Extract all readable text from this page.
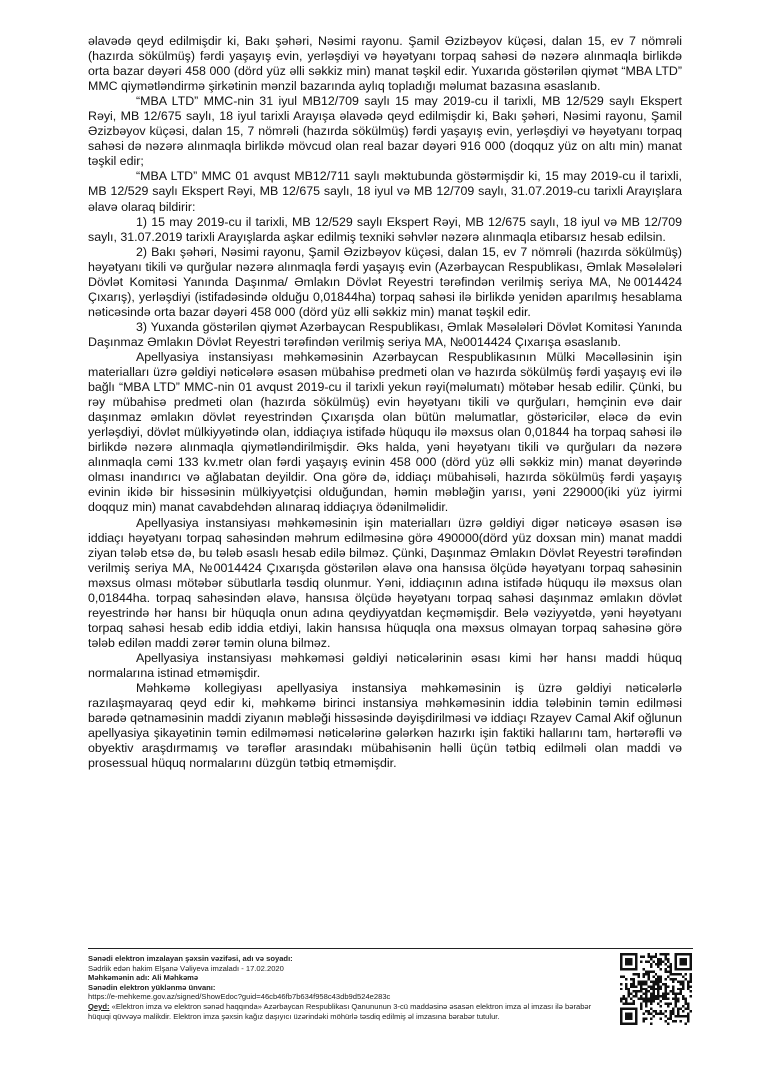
əlavədə qeyd edilmişdir ki, Bakı şəhəri, Nəsimi rayonu. Şamil Əzizbəyov küçəsi, dalan 15, ev 7 nömrəli (hazırda sökülmüş) fərdi yaşayış evin, yerləşdiyi və həyətyanı torpaq sahəsi də nəzərə alınmaqla birlikdə orta bazar dəyəri 458 000 (dörd yüz əlli səkkiz min) manat təşkil edir. Yuxarıda göstərilən qiymət “MBA LTD” MMC qiymətləndirmə şirkətinin mənzil bazarında aylıq topladığı məlumat bazasına əsaslanıb.

“MBA LTD” MMC-nin 31 iyul MB12/709 saylı 15 may 2019-cu il tarixli, MB 12/529 saylı Ekspert Rəyi, MB 12/675 saylı, 18 iyul tarixli Arayışa əlavədə qeyd edilmişdir ki, Bakı şəhəri, Nəsimi rayonu, Şamil Əzizbəyov küçəsi, dalan 15, 7 nömrəli (hazırda sökülmüş) fərdi yaşayış evin, yerləşdiyi və həyətyanı torpaq sahəsi də nəzərə alınmaqla birlikdə mövcud olan real bazar dəyəri 916 000 (doqquz yüz on altı min) manat təşkil edir;

“MBA LTD” MMC 01 avqust MB12/711 saylı məktubunda göstərmişdir ki, 15 may 2019-cu il tarixli, MB 12/529 saylı Ekspert Rəyi, MB 12/675 saylı, 18 iyul və MB 12/709 saylı, 31.07.2019-cu tarixli Arayışlara əlavə olaraq bildirir:

1) 15 may 2019-cu il tarixli, MB 12/529 saylı Ekspert Rəyi, MB 12/675 saylı, 18 iyul və MB 12/709 saylı, 31.07.2019 tarixli Arayışlarda aşkar edilmiş texniki səhvlər nəzərə alınmaqla etibarsız hesab edilsin.

2) Bakı şəhəri, Nəsimi rayonu, Şamil Əzizbəyov küçəsi, dalan 15, ev 7 nömrəli (hazırda sökülmüş) həyətyanı tikili və qurğular nəzərə alınmaqla fərdi yaşayış evin (Azərbaycan Respublikası, Əmlak Məsələləri Dövlət Komitəsi Yanında Daşınma/ Əmlakın Dövlət Reyestri tərəfindən verilmiş seriya MA, №0014424 Çıxarış), yerləşdiyi (istifadəsində olduğu 0,01844ha) torpaq sahəsi ilə birlikdə yenidən aparılmış hesablama nəticəsində orta bazar dəyəri 458 000 (dörd yüz əlli səkkiz min) manat təşkil edir.

3) Yuxanda göstərilən qiymət Azərbaycan Respublikası, Əmlak Məsələləri Dövlət Komitəsi Yanında Daşınmaz Əmlakın Dövlət Reyestri tərəfindən verilmiş seriya MA, №0014424 Çıxarışa əsaslanıb.

Apellyasiya instansiyası məhkəməsinin Azərbaycan Respublikasının Mülki Məcəlləsinin işin materialları üzrə gəldiyi nəticələrə əsasən mübahisə predmeti olan və hazırda sökülmüş fərdi yaşayış evi ilə bağlı “MBA LTD” MMC-nin 01 avqust 2019-cu il tarixli yekun rəyi(məlumatı) mötəbər hesab edilir. Çünki, bu rəy mübahisə predmeti olan (hazırda sökülmüş) evin həyətyanı tikili və qurğuları, həmçinin evə dair daşınmaz əmlakın dövlət reyestrindən Çıxarışda olan bütün məlumatlar, göstəricilər, eləcə də evin yerləşdiyi, dövlət mülkiyyətində olan, iddiaçıya istifadə hüququ ilə məxsus olan 0,01844 ha torpaq sahəsi ilə birlikdə nəzərə alınmaqla qiymətləndirilmişdir. Əks halda, yəni həyətyanı tikili və qurğuları da nəzərə alınmaqla cəmi 133 kv.metr olan fərdi yaşayış evinin 458 000 (dörd yüz əlli səkkiz min) manat dəyərində olması inandırıcı və ağlabatan deyildir. Ona görə də, iddiaçı mübahisəli, hazırda sökülmüş fərdi yaşayış evinin ikidə bir hissəsinin mülkiyyətçisi olduğundan, həmin məbləğin yarısı, yəni 229000(iki yüz iyirmi doqquz min) manat cavabdehdən alınaraq iddiaçıya ödənilməlidir.

Apellyasiya instansiyası məhkəməsinin işin materialları üzrə gəldiyi digər nəticəyə əsasən isə iddiaçı həyətyanı torpaq sahəsindən məhrum edilməsinə görə 490000(dörd yüz doxsan min) manat maddi ziyan tələb etsə də, bu tələb əsaslı hesab edilə bilməz. Çünki, Daşınmaz Əmlakın Dövlət Reyestri tərəfindən verilmiş seriya MA, №0014424 Çıxarışda göstərilən əlavə ona hansısa ölçüdə həyətyanı torpaq sahəsinin məxsus olması mötəbər sübutlarla təsdiq olunmur. Yəni, iddiaçının adına istifadə hüququ ilə məxsus olan 0,01844ha. torpaq sahəsindən əlavə, hansısa ölçüdə həyətyanı torpaq sahəsi daşınmaz əmlakın dövlət reyestrində hər hansı bir hüquqla onun adına qeydiyyatdan keçməmişdir. Belə vəziyyətdə, yəni həyətyanı torpaq sahəsi hesab edib iddia etdiyi, lakin hansısa hüquqla ona məxsus olmayan torpaq sahəsinə görə tələb edilən maddi zərər təmin oluna bilməz.

Apellyasiya instansiyası məhkəməsi gəldiyi nəticələrinin əsası kimi hər hansı maddi hüquq normalarına istinad etməmişdir.

Məhkəmə kollegiyası apellyasiya instansiya məhkəməsinin iş üzrə gəldiyi nəticələrlə razılaşmayaraq qeyd edir ki, məhkəmə birinci instansiya məhkəməsinin iddia tələbinin təmin edilməsi barədə qətnaməsinin maddi ziyanın məbləği hissəsində dəyişdirilməsi və iddiaçı Rzayev Camal Akif oğlunun apellyasiya şikayətinin təmin edilməməsi nəticələrinə gələrkən hazırkı işin faktiki hallarını tam, hərtərəfli və obyektiv araşdırmamış və tərəflər arasındakı mübahisənin həlli üçün tətbiq edilməli olan maddi və prosessual hüquq normalarını düzgün tətbiq etməmişdir.

Sənədi elektron imzalayan şəxsin vəzifəsi, adı və soyadı:
Sədrlik edən hakim Elşanə Vəliyeva imzaladı - 17.02.2020
Məhkəmənin adı: Ali Məhkəmə
Sənədin elektron yüklənmə ünvanı:
https://e-mehkeme.gov.az/signed/ShowEdoc?guid=46cb46fb7b634f958c43db9d524e283c
Qeyd: «Elektron imza və elektron sənəd haqqında» Azərbaycan Respublikası Qanununun 3-cü maddəsinə əsasən elektron imza əl imzası ilə bərabər hüquqi qüvvəyə malikdir. Elektron imza şəxsin kağız daşıyıcı üzərindəki möhürlə təsdiq edilmiş əl imzasına bərabər tutulur.
